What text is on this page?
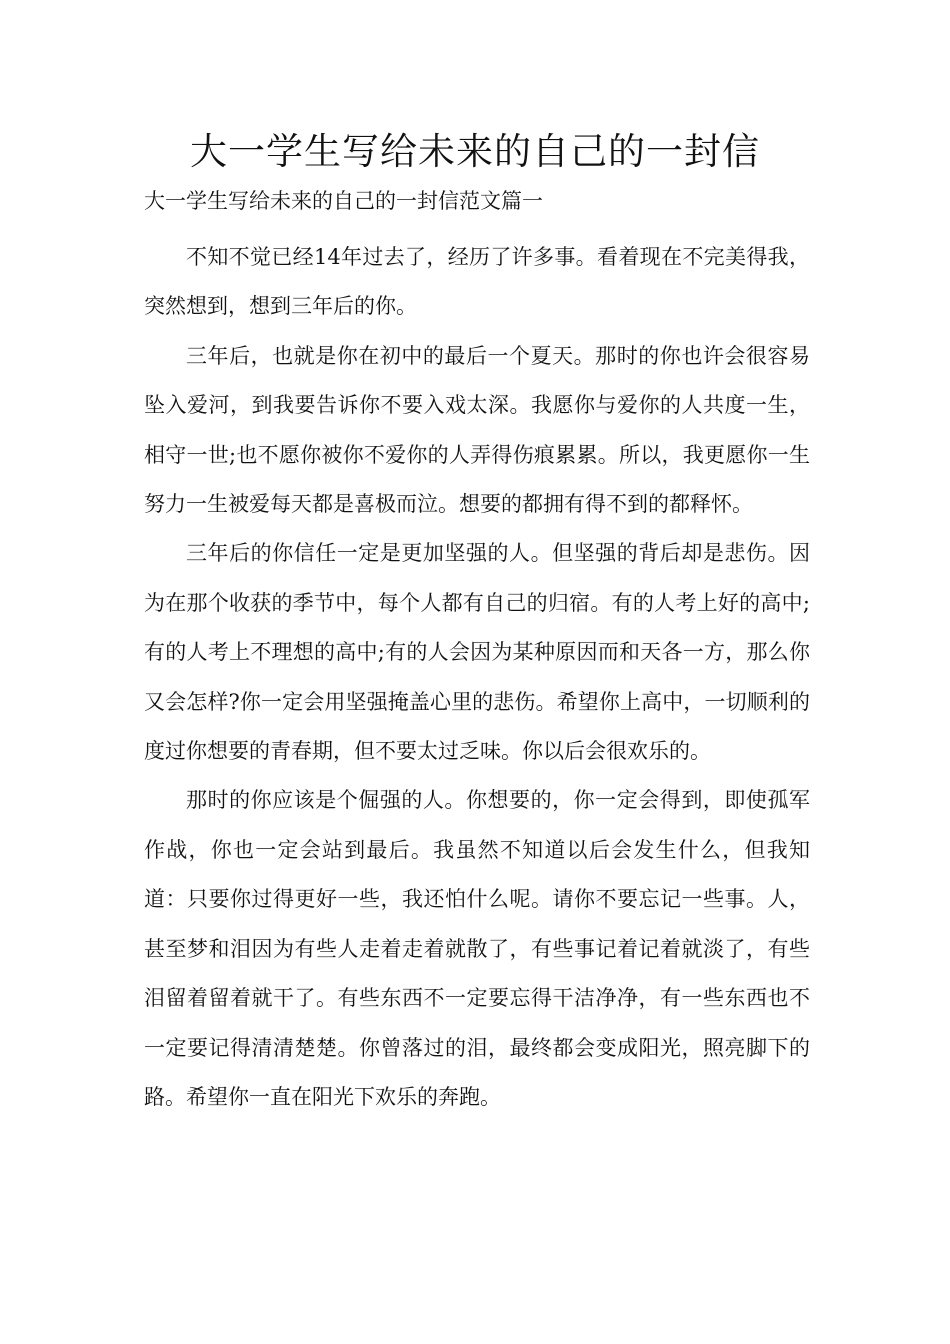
大一学生写给未来的自己的一封信
大一学生写给未来的自己的一封信范文篇一

不知不觉已经14年过去了，经历了许多事。看着现在不完美得我，突然想到，想到三年后的你。

三年后，也就是你在初中的最后一个夏天。那时的你也许会很容易坠入爱河，到我要告诉你不要入戏太深。我愿你与爱你的人共度一生，相守一世;也不愿你被你不爱你的人弄得伤痕累累。所以，我更愿你一生努力一生被爱每天都是喜极而泣。想要的都拥有得不到的都释怀。

三年后的你信任一定是更加坚强的人。但坚强的背后却是悲伤。因为在那个收获的季节中，每个人都有自己的归宿。有的人考上好的高中;有的人考上不理想的高中;有的人会因为某种原因而和天各一方，那么你又会怎样?你一定会用坚强掩盖心里的悲伤。希望你上高中，一切顺利的度过你想要的青春期，但不要太过乏味。你以后会很欢乐的。

那时的你应该是个倔强的人。你想要的，你一定会得到，即使孤军作战，你也一定会站到最后。我虽然不知道以后会发生什么，但我知道：只要你过得更好一些，我还怕什么呢。请你不要忘记一些事。人，甚至梦和泪因为有些人走着走着就散了，有些事记着记着就淡了，有些泪留着留着就干了。有些东西不一定要忘得干洁净净，有一些东西也不一定要记得清清楚楚。你曾落过的泪，最终都会变成阳光，照亮脚下的路。希望你一直在阳光下欢乐的奔跑。
